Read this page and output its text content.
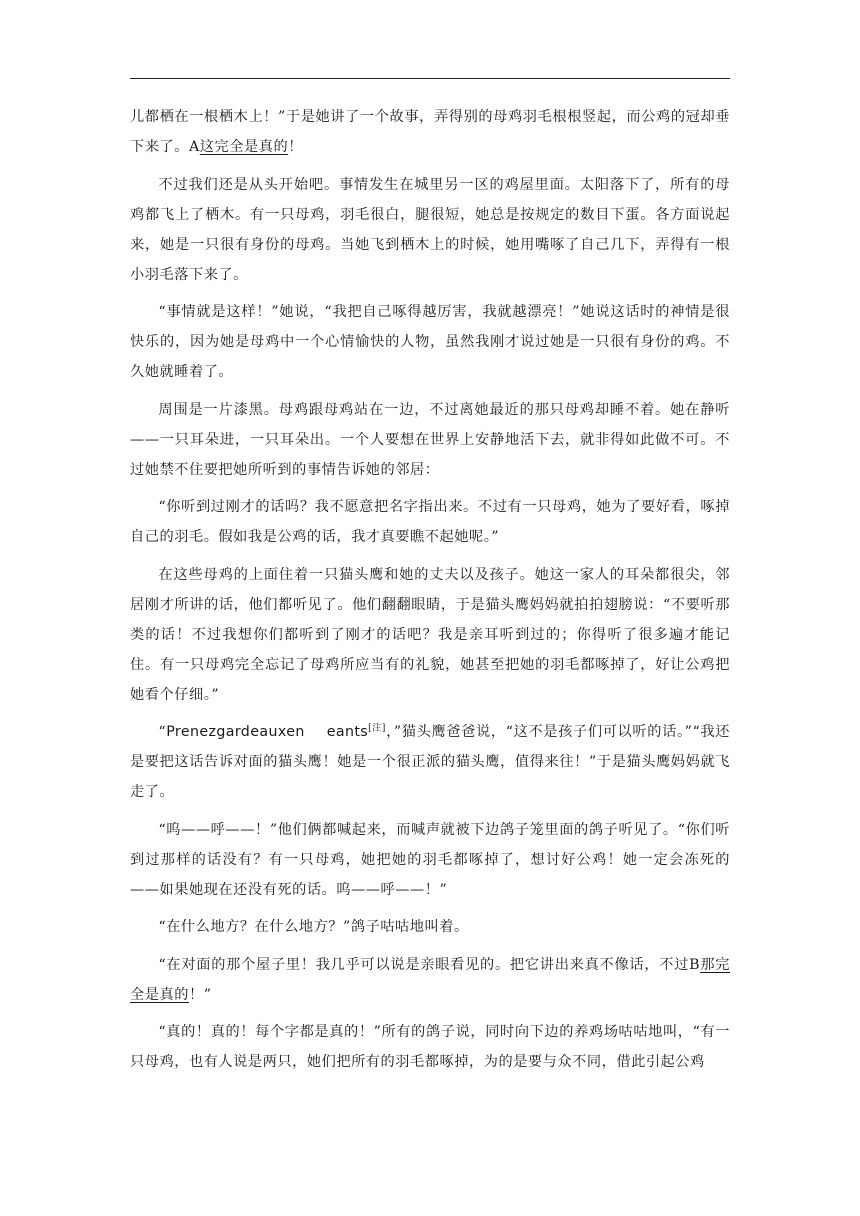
儿都栖在一根栖木上！”于是她讲了一个故事，弄得别的母鸡羽毛根根竖起，而公鸡的冠却垂下来了。A这完全是真的！

不过我们还是从头开始吧。事情发生在城里另一区的鸡屋里面。太阳落下了，所有的母鸡都飞上了栖木。有一只母鸡，羽毛很白，腿很短，她总是按规定的数目下蛋。各方面说起来，她是一只很有身份的母鸡。当她飞到栖木上的时候，她用嘴啄了自己几下，弄得有一根小羽毛落下来了。

“事情就是这样！”她说，“我把自己啄得越厉害，我就越漂亮！”她说这话时的神情是很快乐的，因为她是母鸡中一个心情愉快的人物，虽然我刚才说过她是一只很有身份的鸡。不久她就睡着了。

周围是一片漆黑。母鸡跟母鸡站在一边，不过离她最近的那只母鸡却睡不着。她在静听——一只耳朵进，一只耳朵出。一个人要想在世界上安静地活下去，就非得如此做不可。不过她禁不住要把她所听到的事情告诉她的邻居：

“你听到过刚才的话吗？我不愿意把名字指出来。不过有一只母鸡，她为了要好看，啄掉自己的羽毛。假如我是公鸡的话，我才真要瞧不起她呢。”

在这些母鸡的上面住着一只猫头鹰和她的丈夫以及孩子。她这一家人的耳朵都很尖，邻居刚才所讲的话，他们都听见了。他们翻翻眼睛，于是猫头鹰妈妈就拍拍翅膀说：“不要听那类的话！不过我想你们都听到了刚才的话吧？我是亲耳听到过的；你得听了很多遍才能记住。有一只母鸡完全忘记了母鸡所应当有的礼貌，她甚至把她的羽毛都啄掉了，好让公鸡把她看个仔细。”

“Prenezgardeauxen eants[注]，”猫头鹰爸爸说，“这不是孩子们可以听的话。”“我还是要把这话告诉对面的猫头鹰！她是一个很正派的猫头鹰，值得来往！”于是猫头鹰妈妈就飞走了。

“呜——呼——！”他们俩都喊起来，而喊声就被下边鸽子笼里面的鸽子听见了。“你们听到过那样的话没有？有一只母鸡，她把她的羽毛都啄掉了，想讨好公鸡！她一定会冻死的——如果她现在还没有死的话。呜——呼——！”

“在什么地方？在什么地方？”鸽子咕咕地叫着。

“在对面的那个屋子里！我几乎可以说是亲眼看见的。把它讲出来真不像话，不过B那完全是真的！”

“真的！真的！每个字都是真的！”所有的鸽子说，同时向下边的养鸡场咕咕地叫，“有一只母鸡，也有人说是两只，她们把所有的羽毛都啄掉，为的是要与众不同，借此引起公鸡
